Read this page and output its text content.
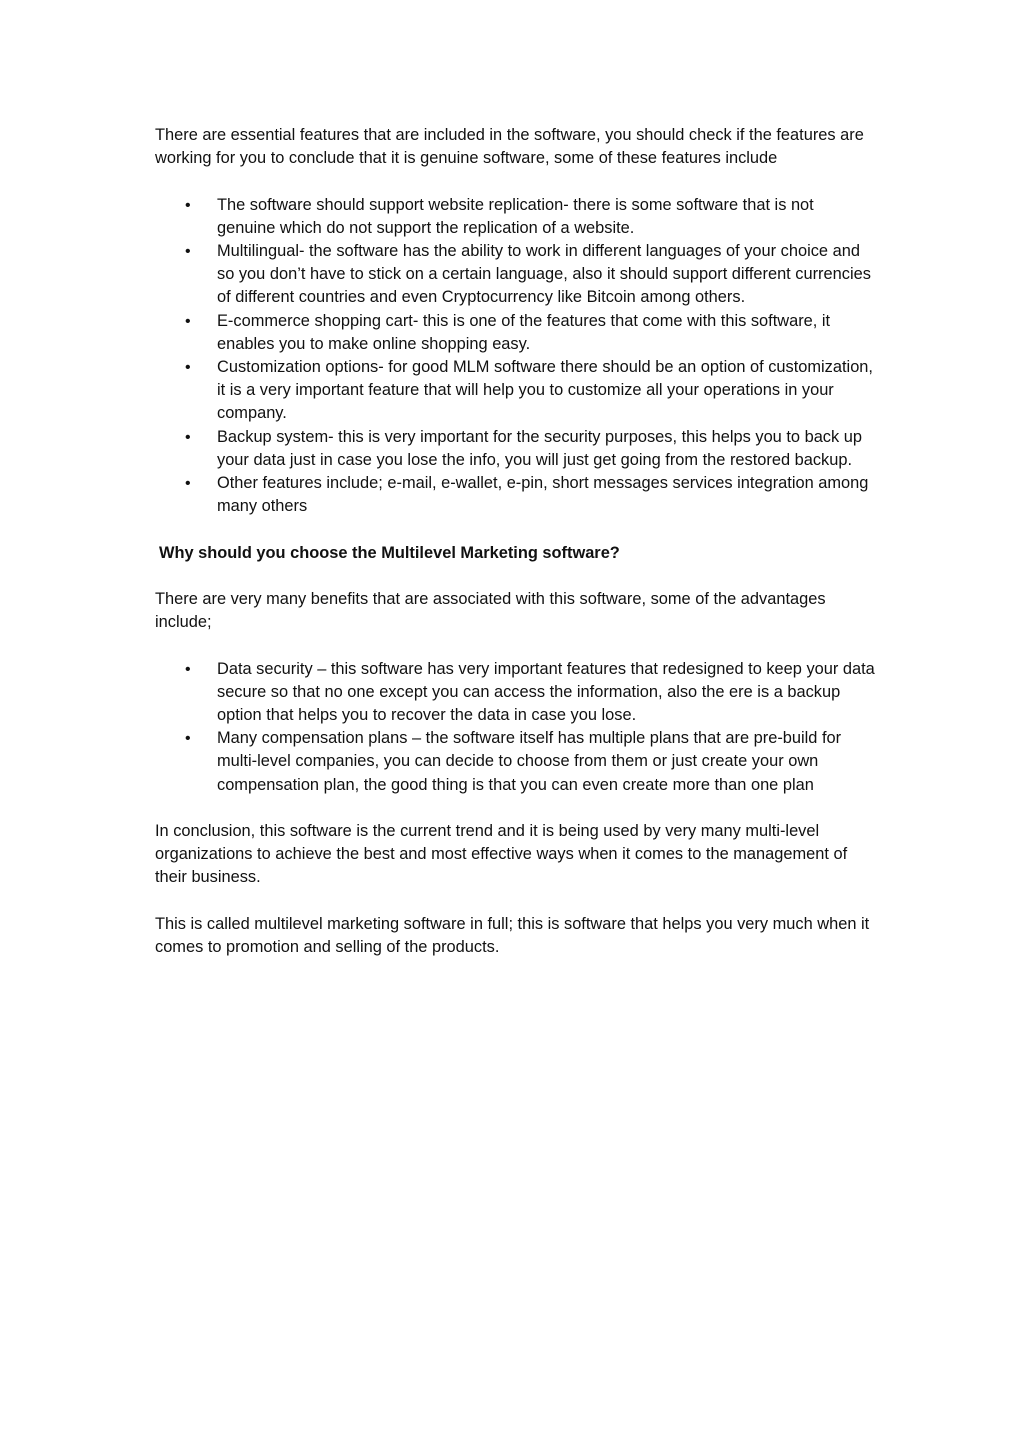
There are essential features that are included in the software, you should check if the features are working for you to conclude that it is genuine software, some of these features include

• The software should support website replication- there is some software that is not genuine which do not support the replication of a website.
• Multilingual- the software has the ability to work in different languages of your choice and so you don’t have to stick on a certain language, also it should support different currencies of different countries and even Cryptocurrency like Bitcoin among others.
• E-commerce shopping cart- this is one of the features that come with this software, it enables you to make online shopping easy.
• Customization options- for good MLM software there should be an option of customization, it is a very important feature that will help you to customize all your operations in your company.
• Backup system- this is very important for the security purposes, this helps you to back up your data just in case you lose the info, you will just get going from the restored backup.
• Other features include; e-mail, e-wallet, e-pin, short messages services integration among many others
Why should you choose the Multilevel Marketing software?

There are very many benefits that are associated with this software, some of the advantages include;

• Data security – this software has very important features that redesigned to keep your data secure so that no one except you can access the information, also the ere is a backup option that helps you to recover the data in case you lose.
• Many compensation plans – the software itself has multiple plans that are pre-build for multi-level companies, you can decide to choose from them or just create your own compensation plan, the good thing is that you can even create more than one plan

In conclusion, this software is the current trend and it is being used by very many multi-level organizations to achieve the best and most effective ways when it comes to the management of their business.

This is called multilevel marketing software in full; this is software that helps you very much when it comes to promotion and selling of the products.
